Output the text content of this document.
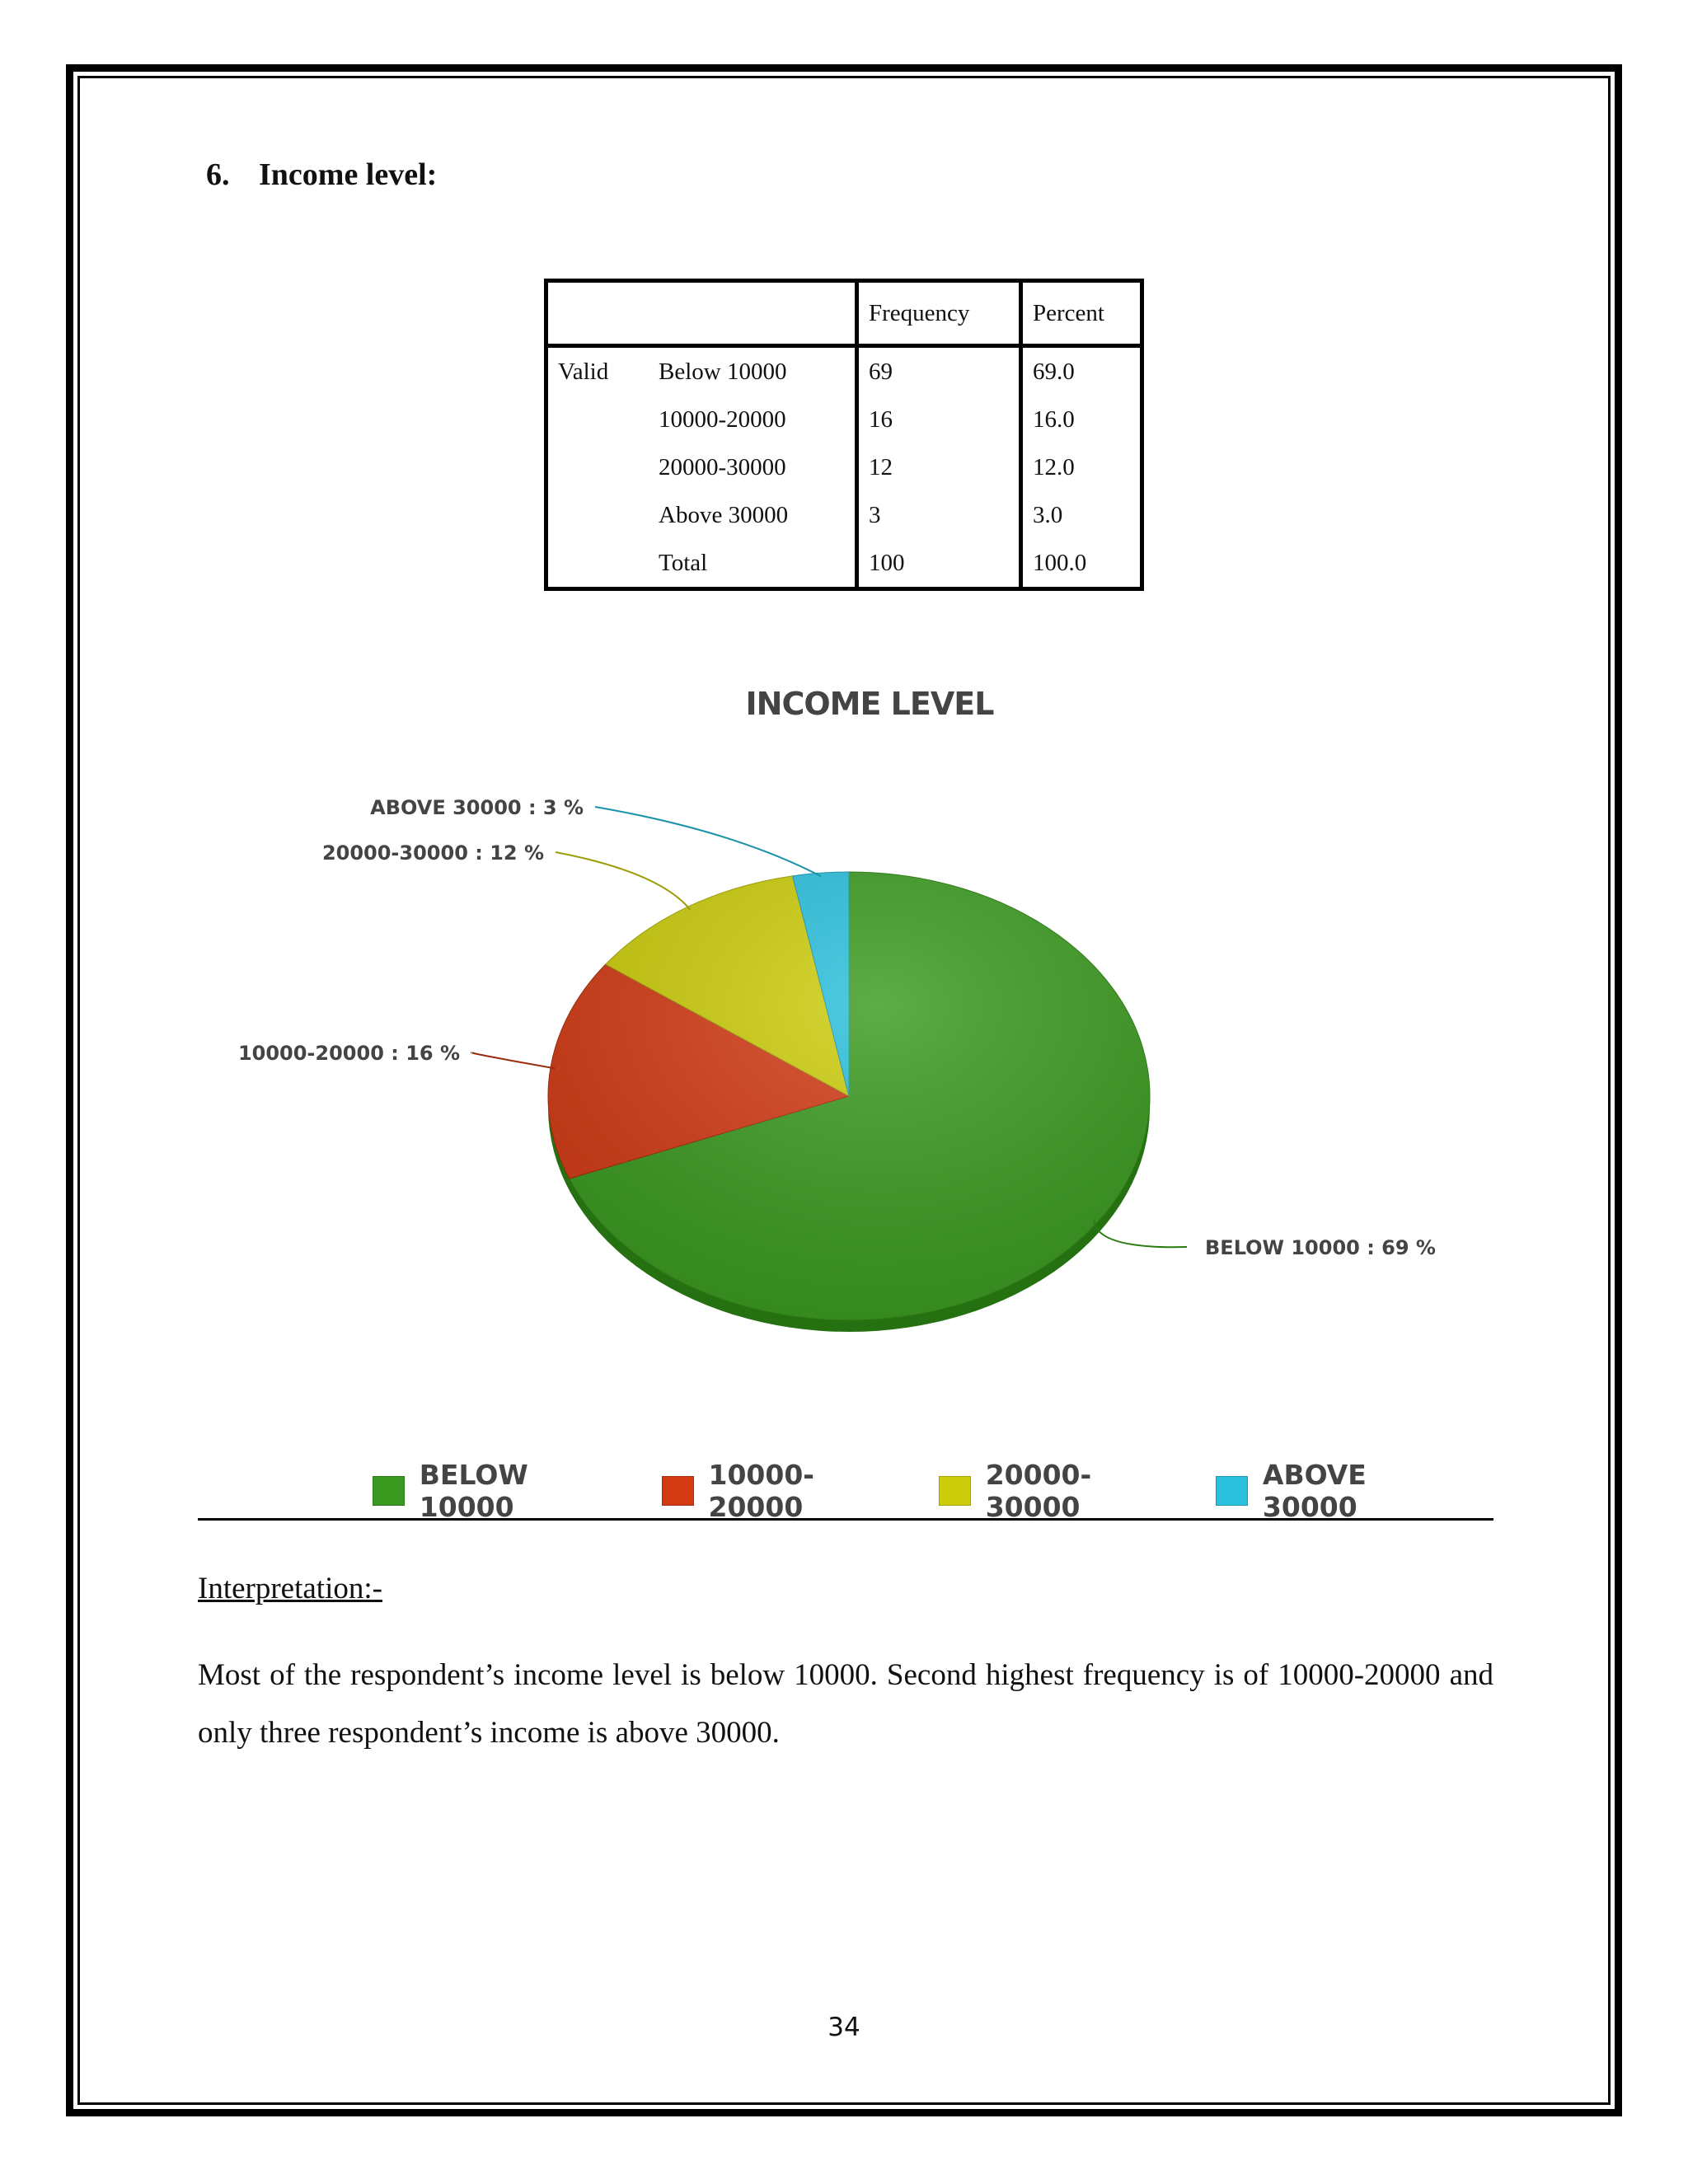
6. Income level:
		Frequency	Percent
Valid	Below 10000	69	69.0
	10000-20000	16	16.0
	20000-30000	12	12.0
	Above 30000	3	3.0
	Total	100	100.0
INCOME LEVEL
BELOW 10000 : 69 %
10000-20000 : 16 %
20000-30000 : 12 %
ABOVE 30000 : 3 %
BELOW 10000
10000-20000
20000-30000
ABOVE 30000
Interpretation:-
Most of the respondent’s income level is below 10000. Second highest frequency is of 10000-20000 and only three respondent’s income is above 30000.
34
